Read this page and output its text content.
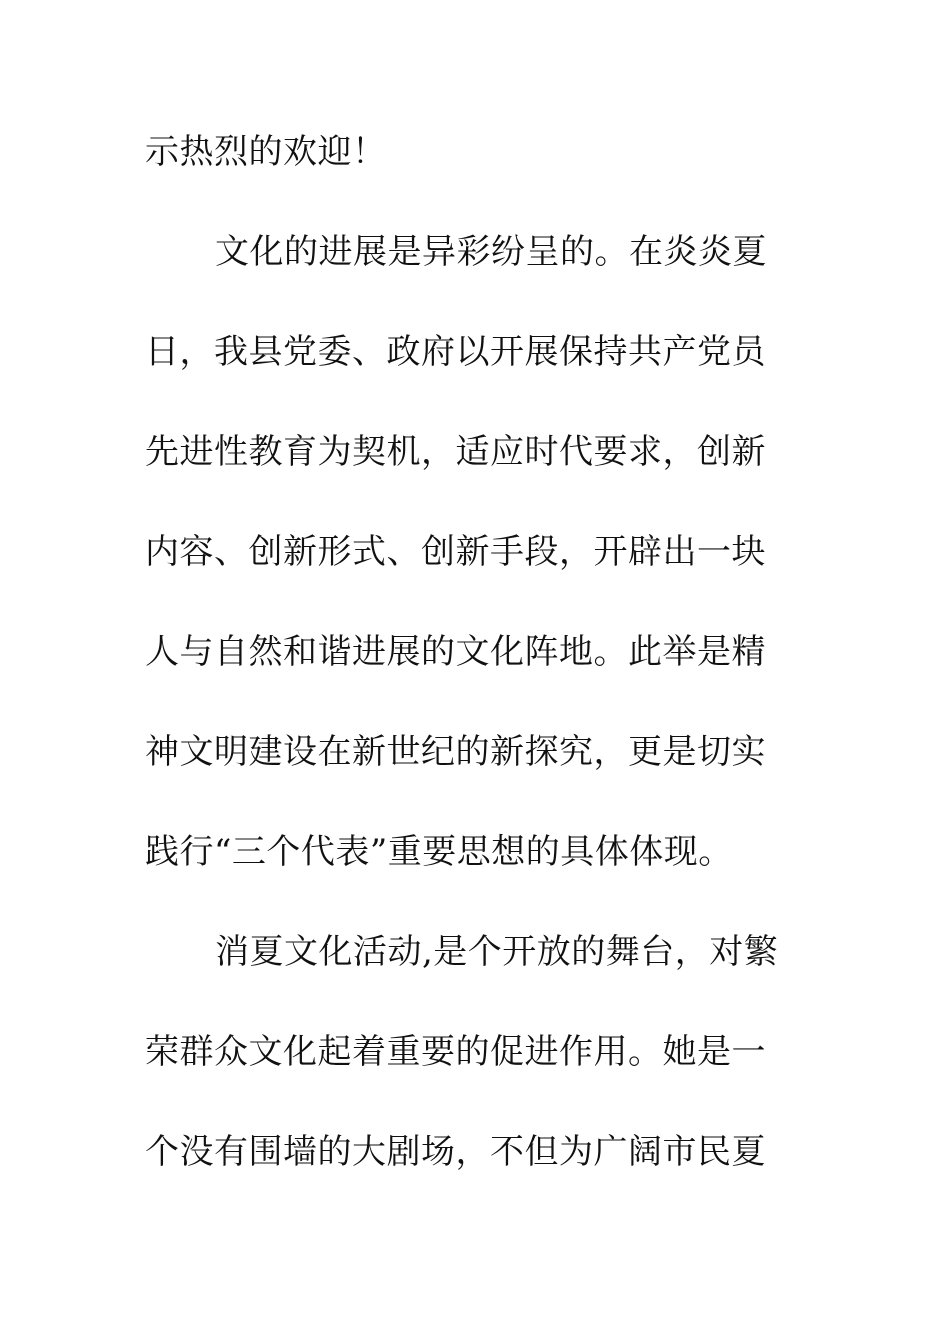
示热烈的欢迎！
文化的进展是异彩纷呈的。在炎炎夏
日，我县党委、政府以开展保持共产党员
先进性教育为契机，适应时代要求，创新
内容、创新形式、创新手段，开辟出一块
人与自然和谐进展的文化阵地。此举是精
神文明建设在新世纪的新探究，更是切实
践行“三个代表”重要思想的具体体现。
消夏文化活动,是个开放的舞台，对繁
荣群众文化起着重要的促进作用。她是一
个没有围墙的大剧场，不但为广阔市民夏
